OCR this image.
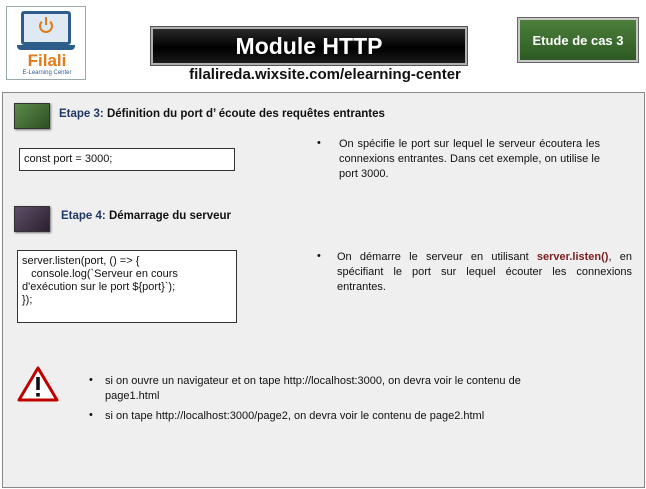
Filali
E-Learning Center
Module HTTP
filalireda.wixsite.com/elearning-center
Etude de cas 3
Etape 3: Définition du port d’ écoute des requêtes entrantes
const port = 3000;
• On spécifie le port sur lequel le serveur écoutera les connexions entrantes. Dans cet exemple, on utilise le port 3000.
Etape 4: Démarrage du serveur
server.listen(port, () => {
console.log(`Serveur en cours
d'exécution sur le port ${port}`);
});
• On démarre le serveur en utilisant server.listen(), en spécifiant le port sur lequel écouter les connexions entrantes.
• si on ouvre un navigateur et on tape http://localhost:3000, on devra voir le contenu de page1.html
• si on tape http://localhost:3000/page2, on devra voir le contenu de page2.html
